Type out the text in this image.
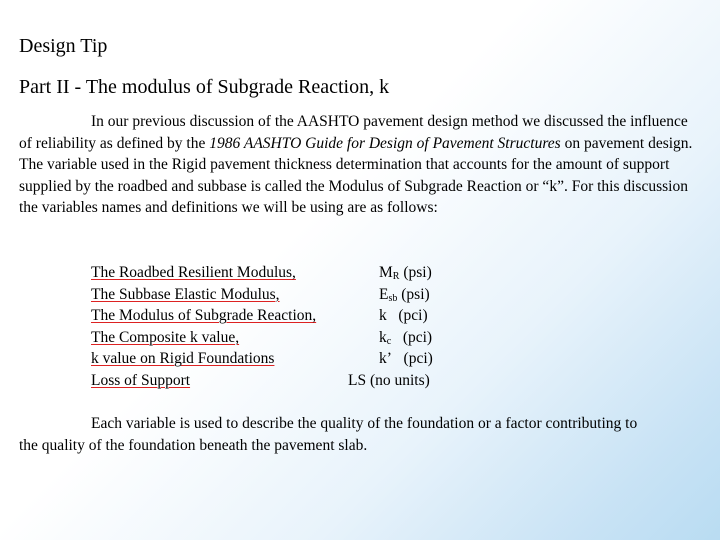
Design Tip
Part II - The modulus of Subgrade Reaction, k

In our previous discussion of the AASHTO pavement design method we discussed the influence of reliability as defined by the 1986 AASHTO Guide for Design of Pavement Structures on pavement design. The variable used in the Rigid pavement thickness determination that accounts for the amount of support supplied by the roadbed and subbase is called the Modulus of Subgrade Reaction or “k”. For this discussion the variables names and definitions we will be using are as follows:

The Roadbed Resilient Modulus,	$M_R$ (psi)
The Subbase Elastic Modulus,	$E_{sb}$ (psi)
The Modulus of Subgrade Reaction,	k   (pci)
The Composite k value,	$k_c$   (pci)
k value on Rigid Foundations	k’   (pci)
Loss of Support	LS (no units)

Each variable is used to describe the quality of the foundation or a factor contributing to the quality of the foundation beneath the pavement slab.
